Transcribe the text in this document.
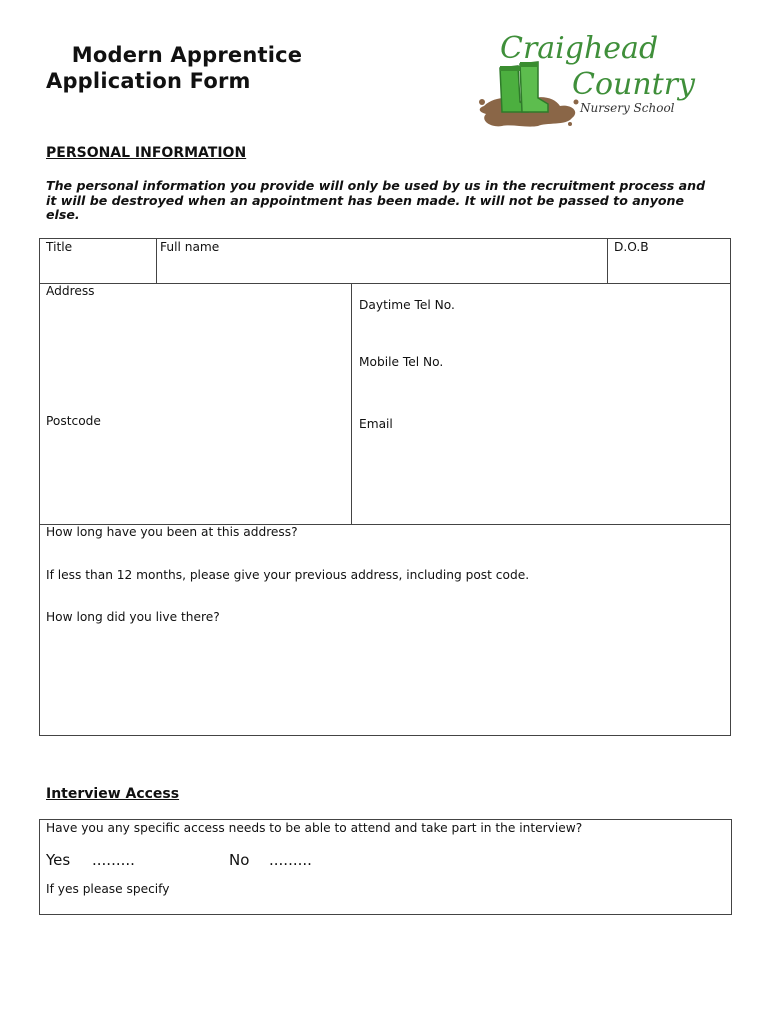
Modern Apprentice
Application Form
Craighead
Country
Nursery School
PERSONAL INFORMATION
The personal information you provide will only be used by us in the recruitment process and it will be destroyed when an appointment has been made. It will not be passed to anyone else.
Title	Full name	D.O.B
Address
Postcode
Daytime Tel No.
Mobile Tel No.
Email
How long have you been at this address?
If less than 12 months, please give your previous address, including post code.
How long did you live there?
Interview Access
Have you any specific access needs to be able to attend and take part in the interview?
Yes .........	No .........
If yes please specify
